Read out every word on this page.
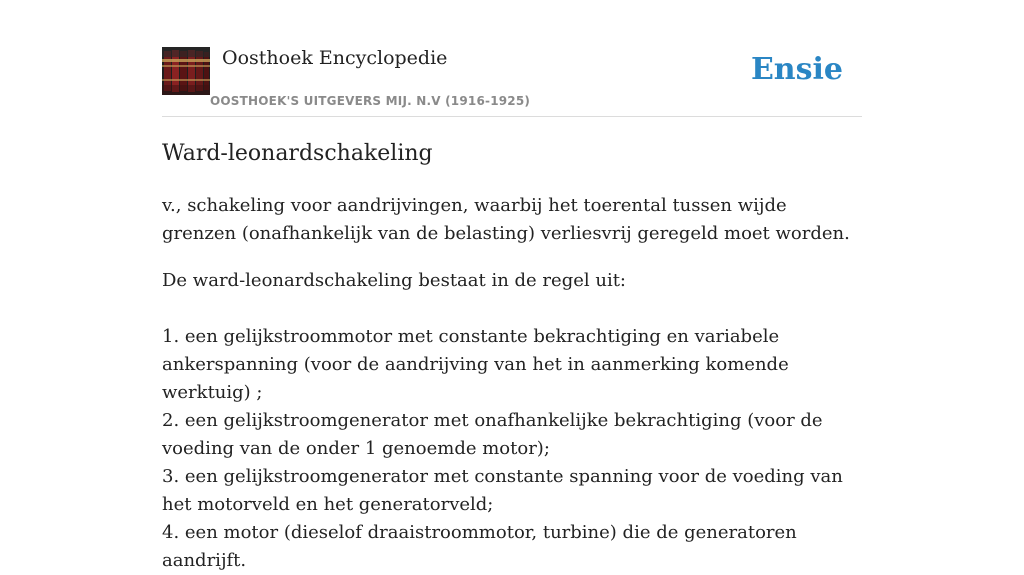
Oosthoek Encyclopedie
OOSTHOEK'S UITGEVERS MIJ. N.V (1916-1925)
Ensie
Ward-leonardschakeling

v., schakeling voor aandrijvingen, waarbij het toerental tussen wijde grenzen (onafhankelijk van de belasting) verliesvrij geregeld moet worden.

De ward-leonardschakeling bestaat in de regel uit:

1. een gelijkstroommotor met constante bekrachtiging en variabele ankerspanning (voor de aandrijving van het in aanmerking komende werktuig) ;

2. een gelijkstroomgenerator met onafhankelijke bekrachtiging (voor de voeding van de onder 1 genoemde motor);

3. een gelijkstroomgenerator met constante spanning voor de voeding van het motorveld en het generatorveld;

4. een motor (dieselof draaistroommotor, turbine) die de generatoren aandrijft.
